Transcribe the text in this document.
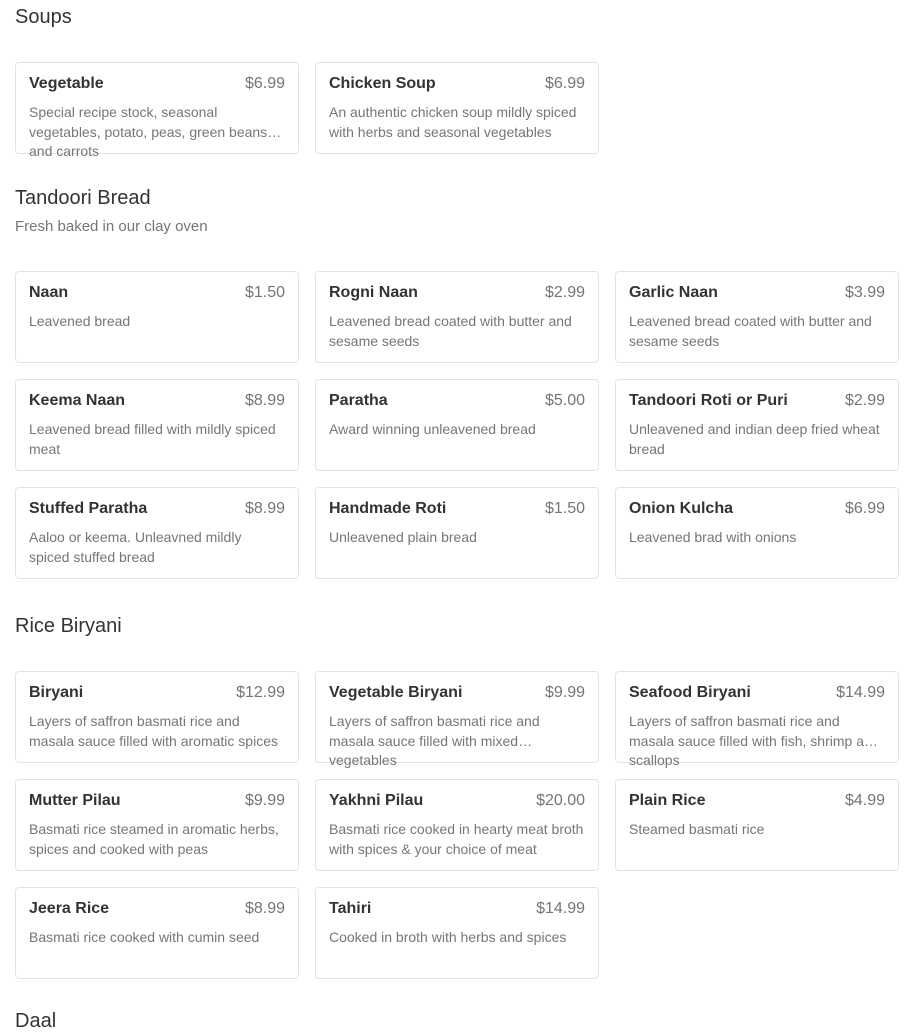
Soups
Vegetable	$6.99
Special recipe stock, seasonal vegetables, potato, peas, green beans and carrots
Chicken Soup	$6.99
An authentic chicken soup mildly spiced with herbs and seasonal vegetables
Tandoori Bread
Fresh baked in our clay oven
Naan	$1.50
Leavened bread
Rogni Naan	$2.99
Leavened bread coated with butter and sesame seeds
Garlic Naan	$3.99
Leavened bread coated with butter and sesame seeds
Keema Naan	$8.99
Leavened bread filled with mildly spiced meat
Paratha	$5.00
Award winning unleavened bread
Tandoori Roti or Puri	$2.99
Unleavened and indian deep fried wheat bread
Stuffed Paratha	$8.99
Aaloo or keema. Unleavned mildly spiced stuffed bread
Handmade Roti	$1.50
Unleavened plain bread
Onion Kulcha	$6.99
Leavened brad with onions
Rice Biryani
Biryani	$12.99
Layers of saffron basmati rice and masala sauce filled with aromatic spices
Vegetable Biryani	$9.99
Layers of saffron basmati rice and masala sauce filled with mixed vegetables
Seafood Biryani	$14.99
Layers of saffron basmati rice and masala sauce filled with fish, shrimp and scallops
Mutter Pilau	$9.99
Basmati rice steamed in aromatic herbs, spices and cooked with peas
Yakhni Pilau	$20.00
Basmati rice cooked in hearty meat broth with spices & your choice of meat
Plain Rice	$4.99
Steamed basmati rice
Jeera Rice	$8.99
Basmati rice cooked with cumin seed
Tahiri	$14.99
Cooked in broth with herbs and spices
Daal
